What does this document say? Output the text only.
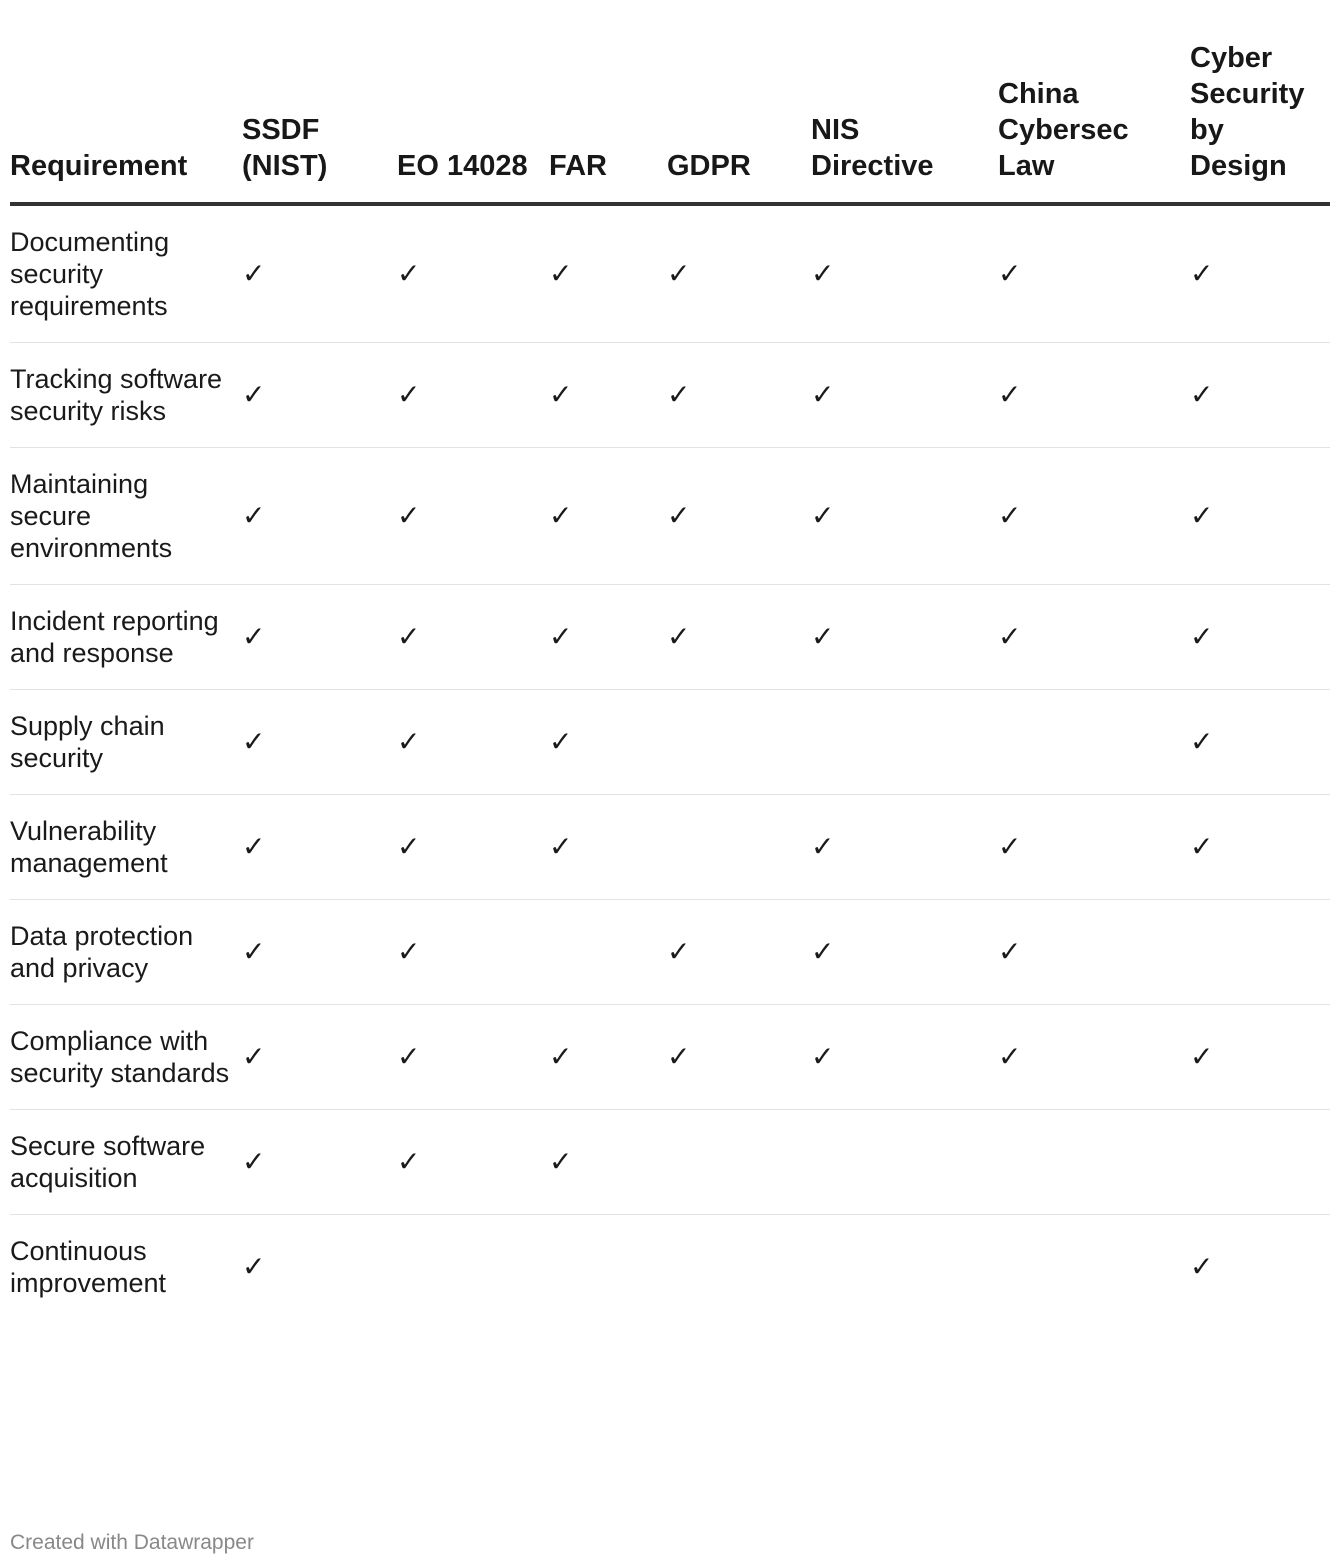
Requirement	SSDF (NIST)	EO 14028	FAR	GDPR	NIS Directive	China Cybersec Law	Cyber Security by Design
Documenting security requirements	✓	✓	✓	✓	✓	✓	✓
Tracking software security risks	✓	✓	✓	✓	✓	✓	✓
Maintaining secure environments	✓	✓	✓	✓	✓	✓	✓
Incident reporting and response	✓	✓	✓	✓	✓	✓	✓
Supply chain security	✓	✓	✓				✓
Vulnerability management	✓	✓	✓		✓	✓	✓
Data protection and privacy	✓	✓		✓	✓	✓	
Compliance with security standards	✓	✓	✓	✓	✓	✓	✓
Secure software acquisition	✓	✓	✓				
Continuous improvement	✓						✓
Created with Datawrapper
